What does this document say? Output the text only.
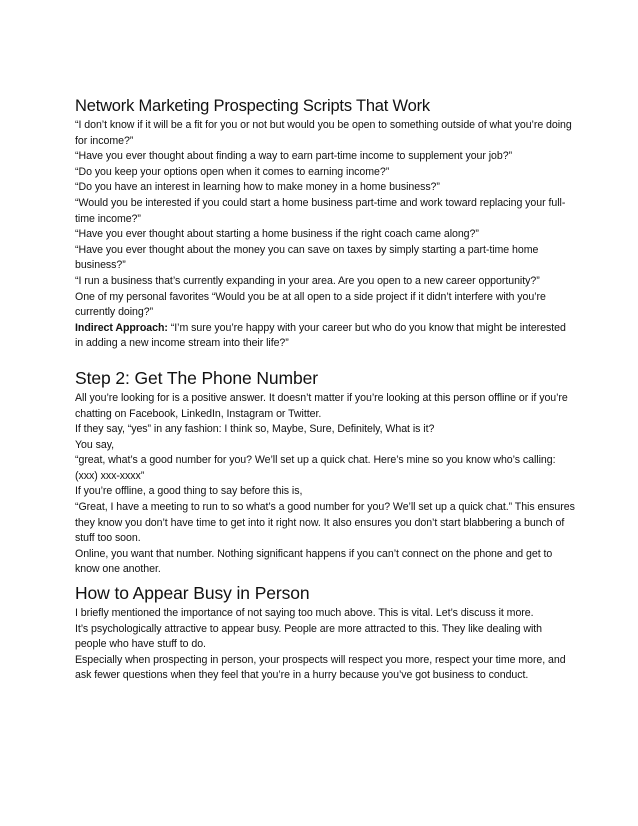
Network Marketing Prospecting Scripts That Work

“I don’t know if it will be a fit for you or not but would you be open to something outside of what you’re doing for income?”

“Have you ever thought about finding a way to earn part-time income to supplement your job?”

“Do you keep your options open when it comes to earning income?”

“Do you have an interest in learning how to make money in a home business?”

“Would you be interested if you could start a home business part-time and work toward replacing your full-time income?”

“Have you ever thought about starting a home business if the right coach came along?”

“Have you ever thought about the money you can save on taxes by simply starting a part-time home business?”

“I run a business that’s currently expanding in your area. Are you open to a new career opportunity?”

One of my personal favorites “Would you be at all open to a side project if it didn’t interfere with you’re currently doing?”

Indirect Approach: “I’m sure you’re happy with your career but who do you know that might be interested in adding a new income stream into their life?”

Step 2: Get The Phone Number

All you’re looking for is a positive answer. It doesn’t matter if you’re looking at this person offline or if you’re chatting on Facebook, LinkedIn, Instagram or Twitter.

If they say, “yes” in any fashion: I think so, Maybe, Sure, Definitely, What is it?

You say,

“great, what’s a good number for you? We’ll set up a quick chat. Here’s mine so you know who’s calling: (xxx) xxx-xxxx”

If you’re offline, a good thing to say before this is,

“Great, I have a meeting to run to so what’s a good number for you? We’ll set up a quick chat.” This ensures they know you don’t have time to get into it right now. It also ensures you don’t start blabbering a bunch of stuff too soon.

Online, you want that number. Nothing significant happens if you can’t connect on the phone and get to know one another.

How to Appear Busy in Person

I briefly mentioned the importance of not saying too much above. This is vital. Let’s discuss it more.

It’s psychologically attractive to appear busy. People are more attracted to this. They like dealing with people who have stuff to do.

Especially when prospecting in person, your prospects will respect you more, respect your time more, and ask fewer questions when they feel that you’re in a hurry because you’ve got business to conduct.
